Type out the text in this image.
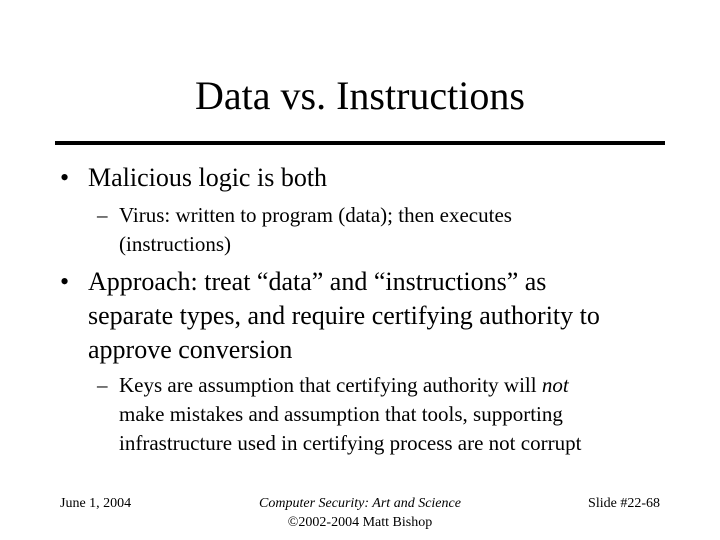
Data vs. Instructions
• Malicious logic is both
– Virus: written to program (data); then executes
(instructions)
• Approach: treat “data” and “instructions” as
separate types, and require certifying authority to
approve conversion
– Keys are assumption that certifying authority will not
make mistakes and assumption that tools, supporting
infrastructure used in certifying process are not corrupt
June 1, 2004	Computer Security: Art and Science
©2002-2004 Matt Bishop
Slide #22-68
